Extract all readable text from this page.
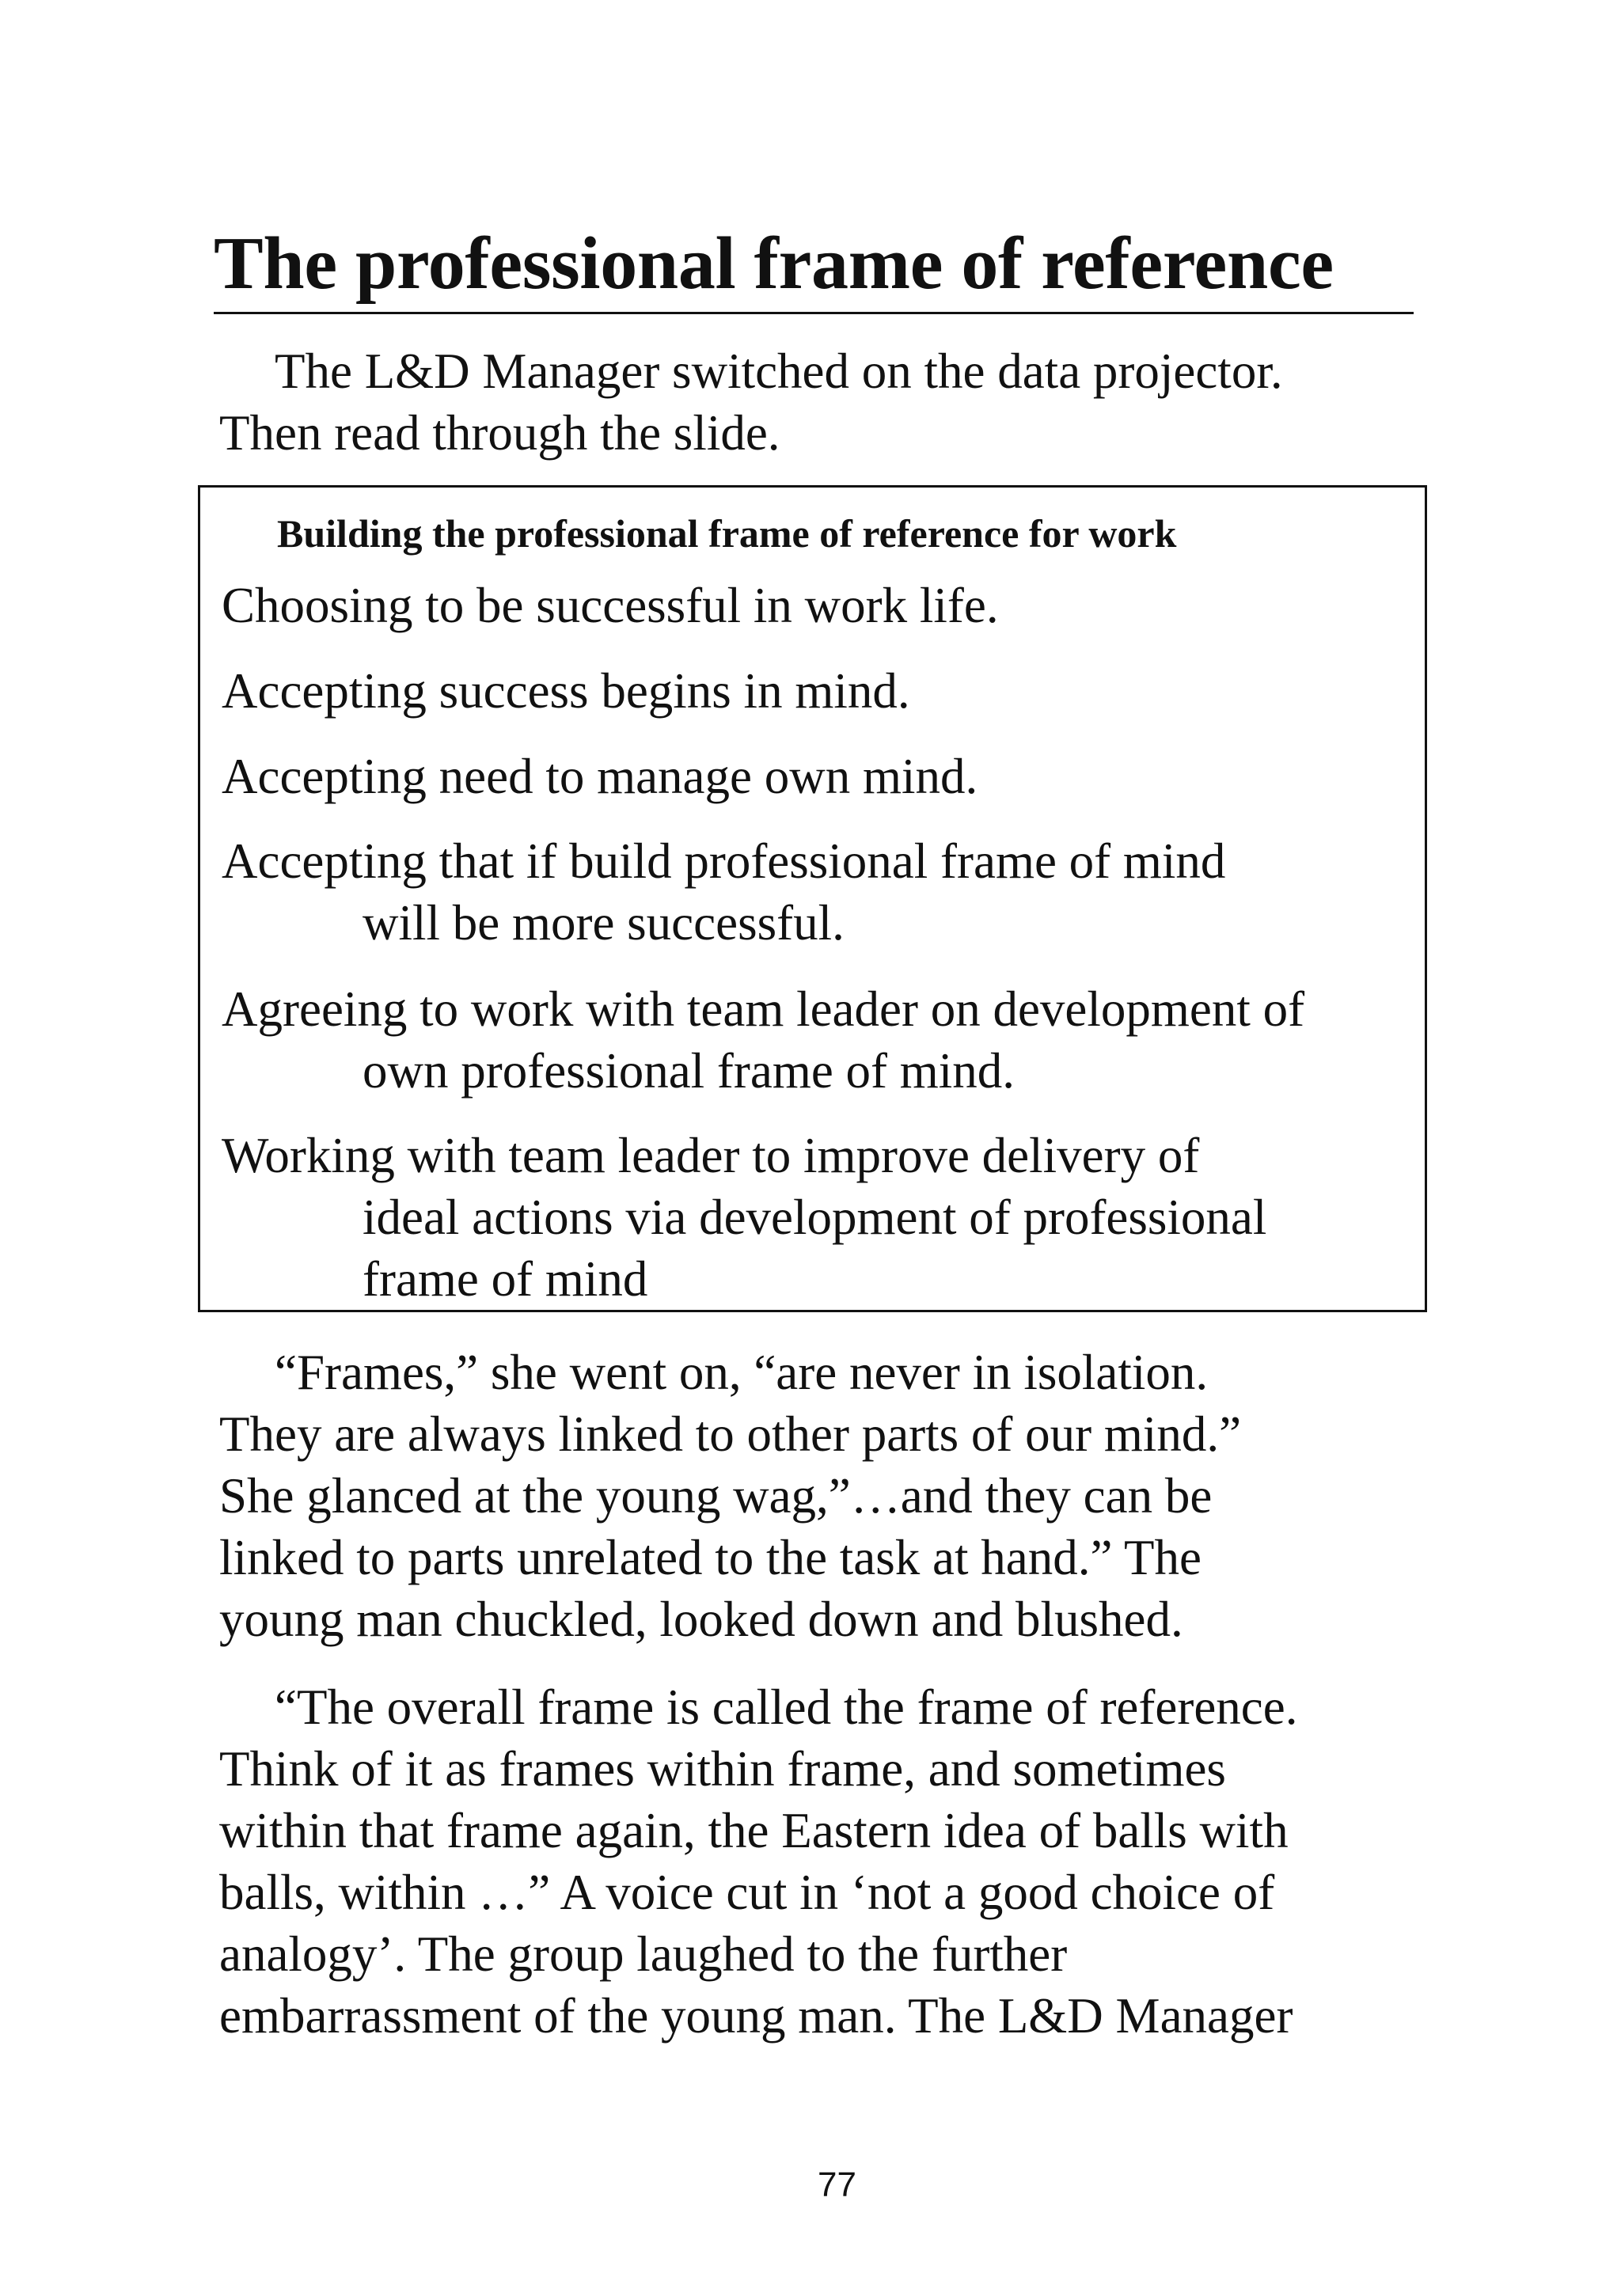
The professional frame of reference
The L&D Manager switched on the data projector.
Then read through the slide.
Building the professional frame of reference for work
Choosing to be successful in work life.
Accepting success begins in mind.
Accepting need to manage own mind.
Accepting that if build professional frame of mind
will be more successful.
Agreeing to work with team leader on development of
own professional frame of mind.
Working with team leader to improve delivery of
ideal actions via development of professional
frame of mind
“Frames,” she went on, “are never in isolation.
They are always linked to other parts of our mind.”
She glanced at the young wag,”…and they can be
linked to parts unrelated to the task at hand.” The
young man chuckled, looked down and blushed.
“The overall frame is called the frame of reference.
Think of it as frames within frame, and sometimes
within that frame again, the Eastern idea of balls with
balls, within …” A voice cut in ‘not a good choice of
analogy’. The group laughed to the further
embarrassment of the young man. The L&D Manager
77
